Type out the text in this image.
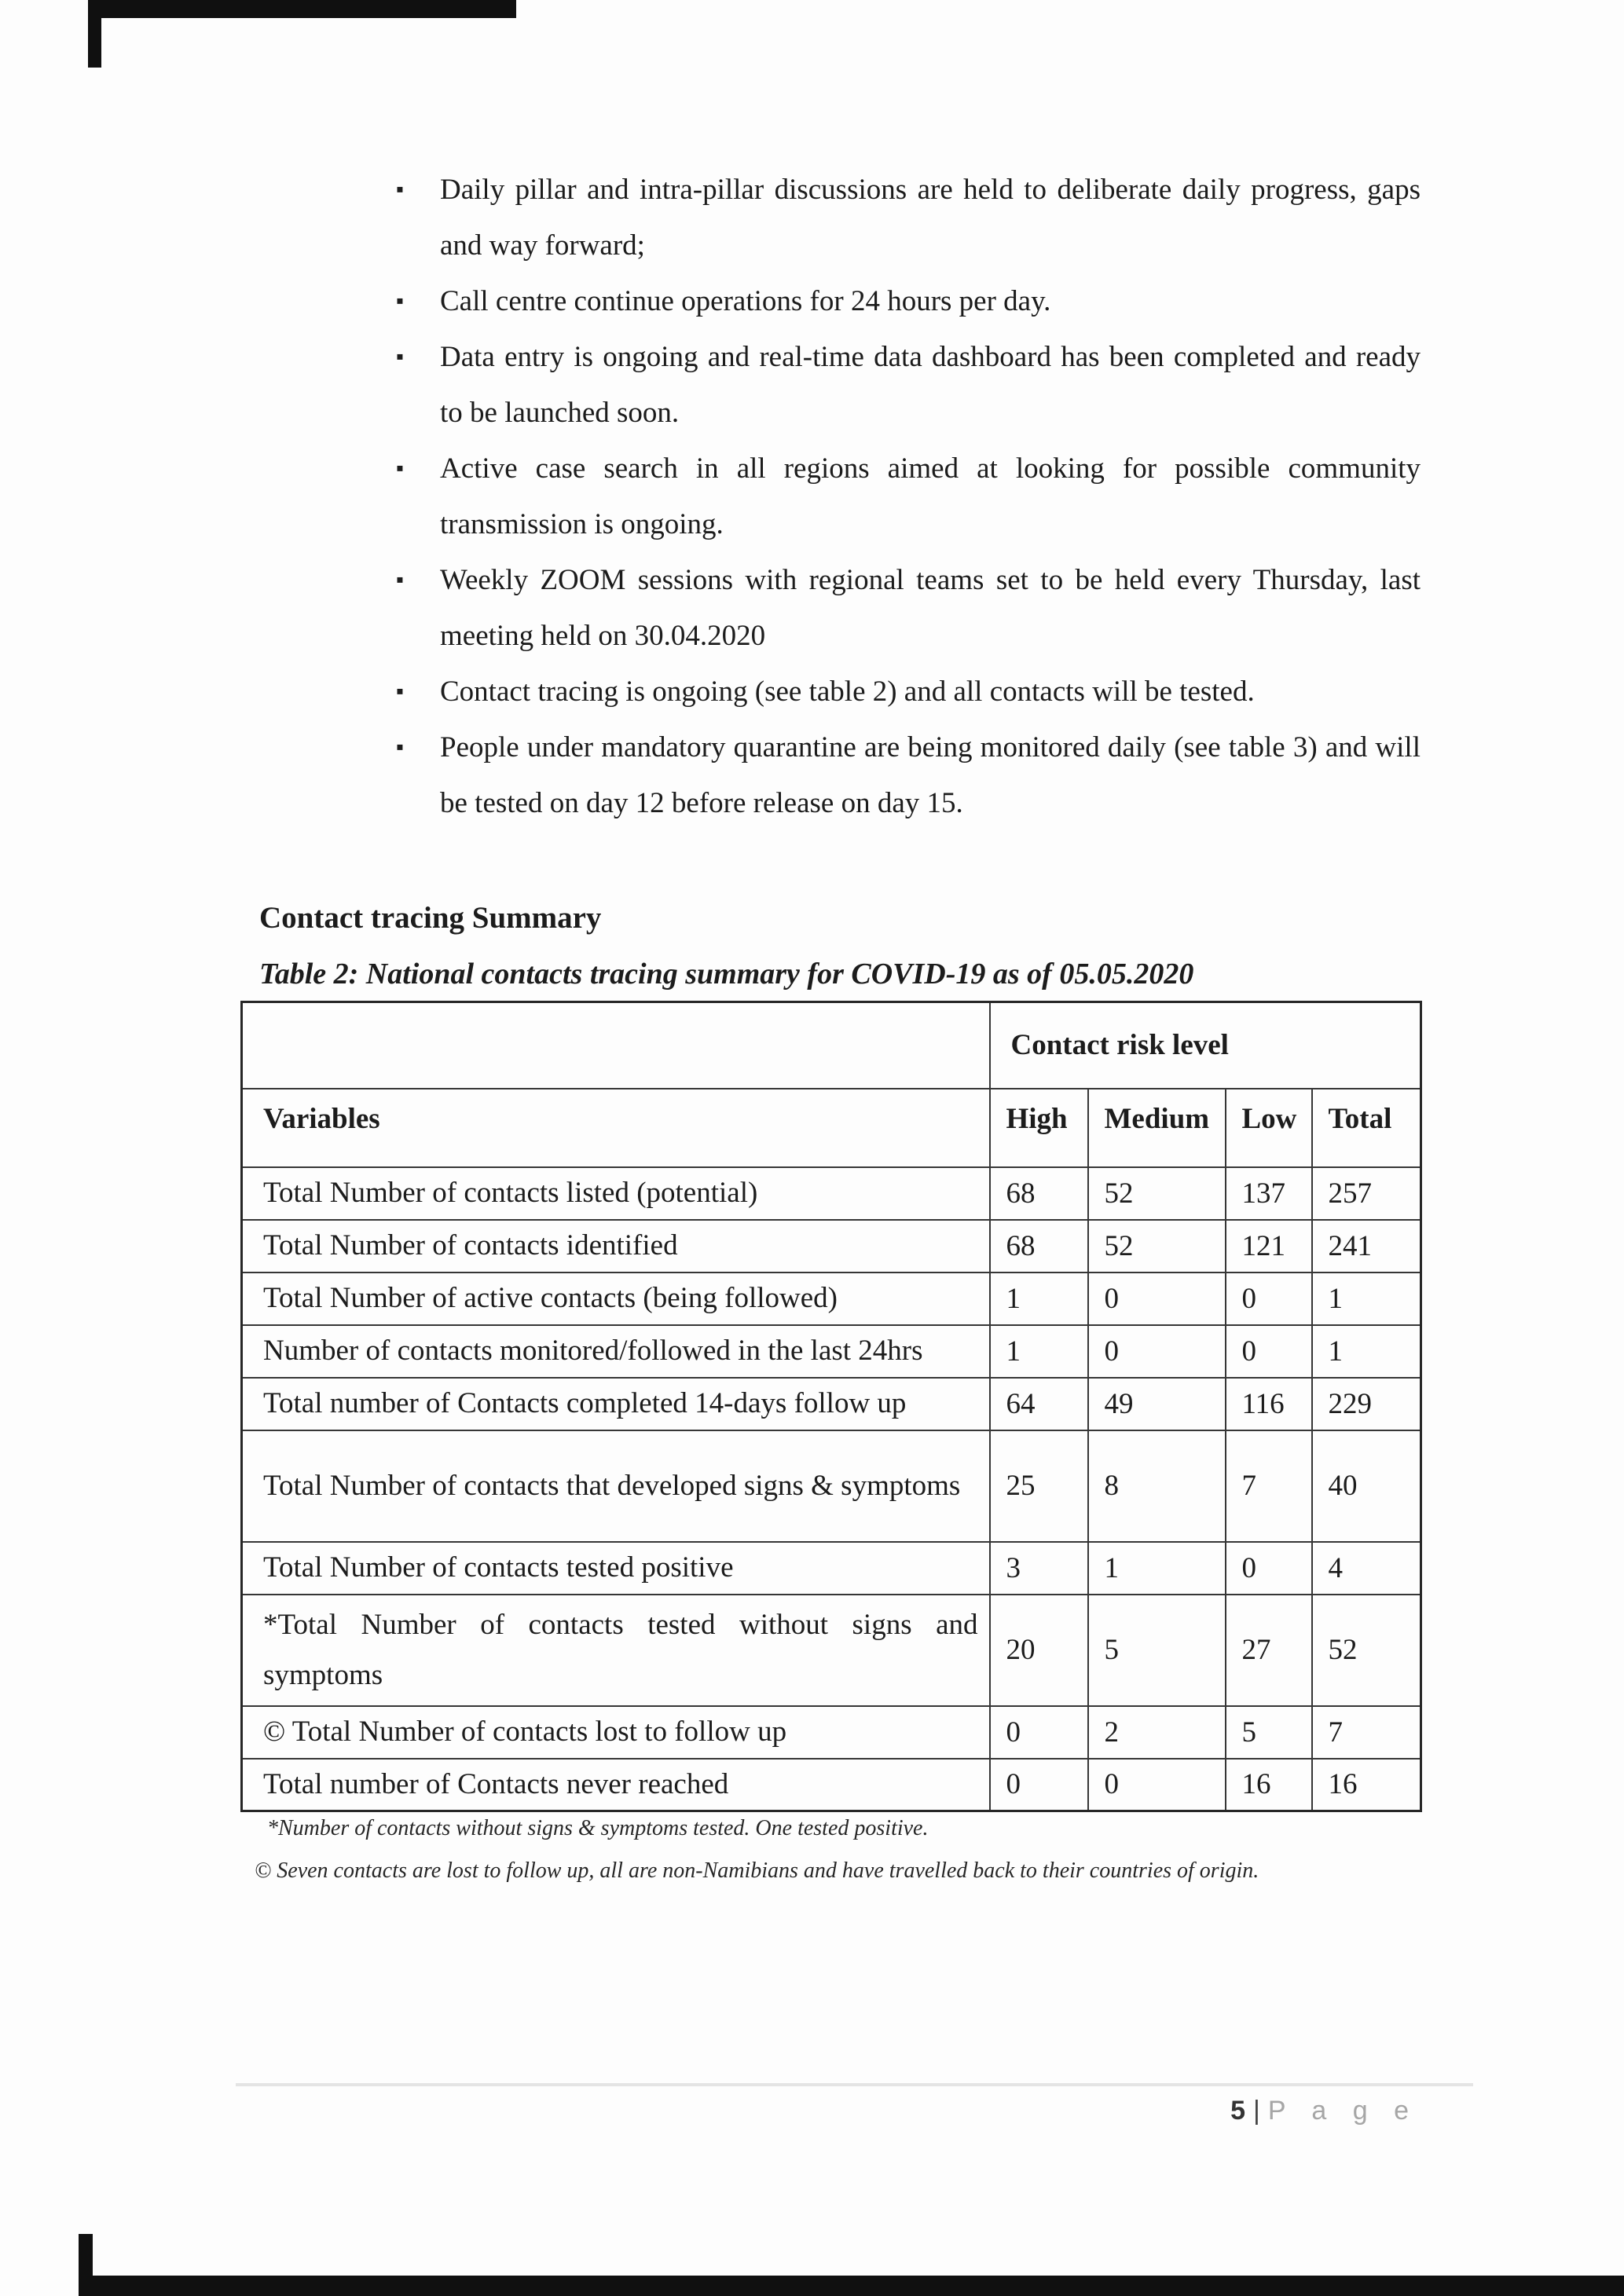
▪ Daily pillar and intra-pillar discussions are held to deliberate daily progress, gaps and way forward;
▪ Call centre continue operations for 24 hours per day.
▪ Data entry is ongoing and real-time data dashboard has been completed and ready to be launched soon.
▪ Active case search in all regions aimed at looking for possible community transmission is ongoing.
▪ Weekly ZOOM sessions with regional teams set to be held every Thursday, last meeting held on 30.04.2020
▪ Contact tracing is ongoing (see table 2) and all contacts will be tested.
▪ People under mandatory quarantine are being monitored daily (see table 3) and will be tested on day 12 before release on day 15.
Contact tracing Summary
Table 2: National contacts tracing summary for COVID-19 as of 05.05.2020
	Contact risk level			
Variables	High	Medium	Low	Total
Total Number of contacts listed (potential)	68	52	137	257
Total Number of contacts identified	68	52	121	241
Total Number of active contacts (being followed)	1	0	0	1
Number of contacts monitored/followed in the last 24hrs	1	0	0	1
Total number of Contacts completed 14-days follow up	64	49	116	229
Total Number of contacts that developed signs & symptoms	25	8	7	40
Total Number of contacts tested positive	3	1	0	4
*Total Number of contacts tested without signs and symptoms	20	5	27	52
© Total Number of contacts lost to follow up	0	2	5	7
Total number of Contacts never reached	0	0	16	16
*Number of contacts without signs & symptoms tested. One tested positive.
© Seven contacts are lost to follow up, all are non-Namibians and have travelled back to their countries of origin.
5 | P a g e
